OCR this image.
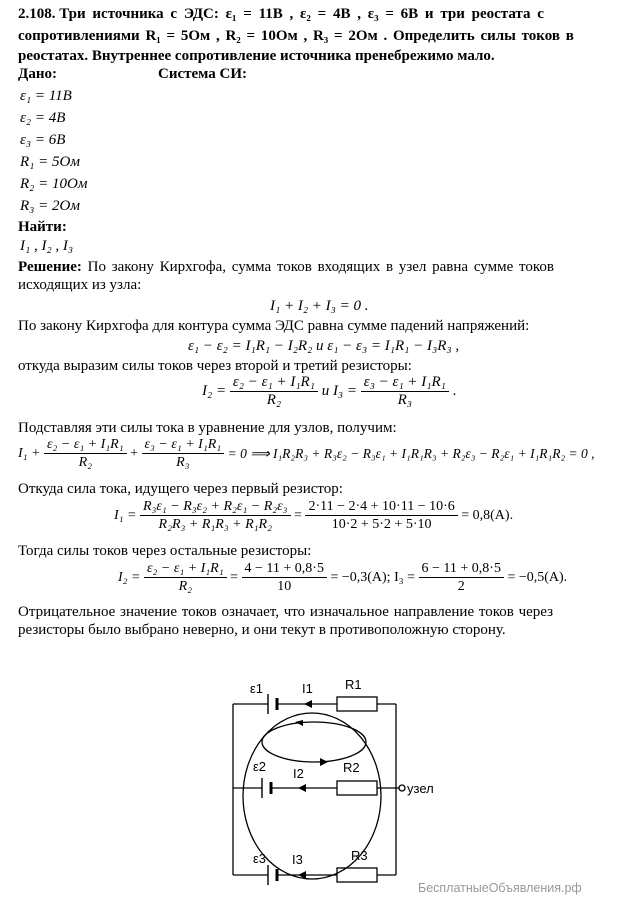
2.108. Три источника с ЭДС: ε₁ = 11В , ε₂ = 4В , ε₃ = 6В и три реостата с
сопротивлениями R₁ = 5Ом , R₂ = 10Ом , R₃ = 2Ом . Определить силы токов в
реостатах. Внутреннее сопротивление источника пренебрежимо мало.
Дано:	Система СИ:
ε₁ = 11В
ε₂ = 4В
ε₃ = 6В
R₁ = 5Ом
R₂ = 10Ом
R₃ = 2Ом
Найти:
I₁ , I₂ , I₃
Решение: По закону Кирхгофа, сумма токов входящих в узел равна сумме токов
исходящих из узла:
I₁ + I₂ + I₃ = 0 .
По закону Кирхгофа для контура сумма ЭДС равна сумме падений напряжений:
ε₁ − ε₂ = I₁R₁ − I₂R₂ и ε₁ − ε₃ = I₁R₁ − I₃R₃ ,
откуда выразим силы токов через второй и третий резисторы:
$I_2 = \frac{\text{ε₂ − ε₁ + I₁R₁}}{\text{R₂}}$ и $I_3 = \frac{\text{ε₃ − ε₁ + I₁R₁}}{\text{R₃}}$ .
Подставляя эти силы тока в уравнение для узлов, получим:
$I_1 + \frac{\text{ε₂ − ε₁ + I₁R₁}}{\text{R₂}} + \frac{\text{ε₃ − ε₁ + I₁R₁}}{\text{R₃}} = 0$ ⟹ I₁R₂R₃ + R₃ε₂ − R₃ε₁ + I₁R₁R₃ + R₂ε₃ − R₂ε₁ + I₁R₁R₂ = 0 ,
Откуда сила тока, идущего через первый резистор:
$I_1 = \frac{\text{R₃ε₁ − R₃ε₂ + R₂ε₁ − R₂ε₃}}{\text{R₂R₃ + R₁R₃ + R₁R₂}} = \frac{2\cdot 11 - 2\cdot 4 + 10\cdot 11 - 10\cdot 6}{10\cdot 2 + 5\cdot 2 + 5\cdot 10} = 0,8(А)$.
Тогда силы токов через остальные резисторы:
$I_2 = \frac{\text{ε₂ − ε₁ + I₁R₁}}{\text{R₂}} = \frac{4 - 11 + 0,8\cdot 5}{10} = -0,3(А)$; $I_3 = \frac{6 - 11 + 0,8\cdot 5}{2} = -0,5(А)$.
Отрицательное значение токов означает, что изначальное направление токов через
резисторы было выбрано неверно, и они текут в противоположную сторону.
ε1	I1 R1
ε2 I2	R2
узел
ε3 I3	R3
БесплатныеОбъявления.рф
